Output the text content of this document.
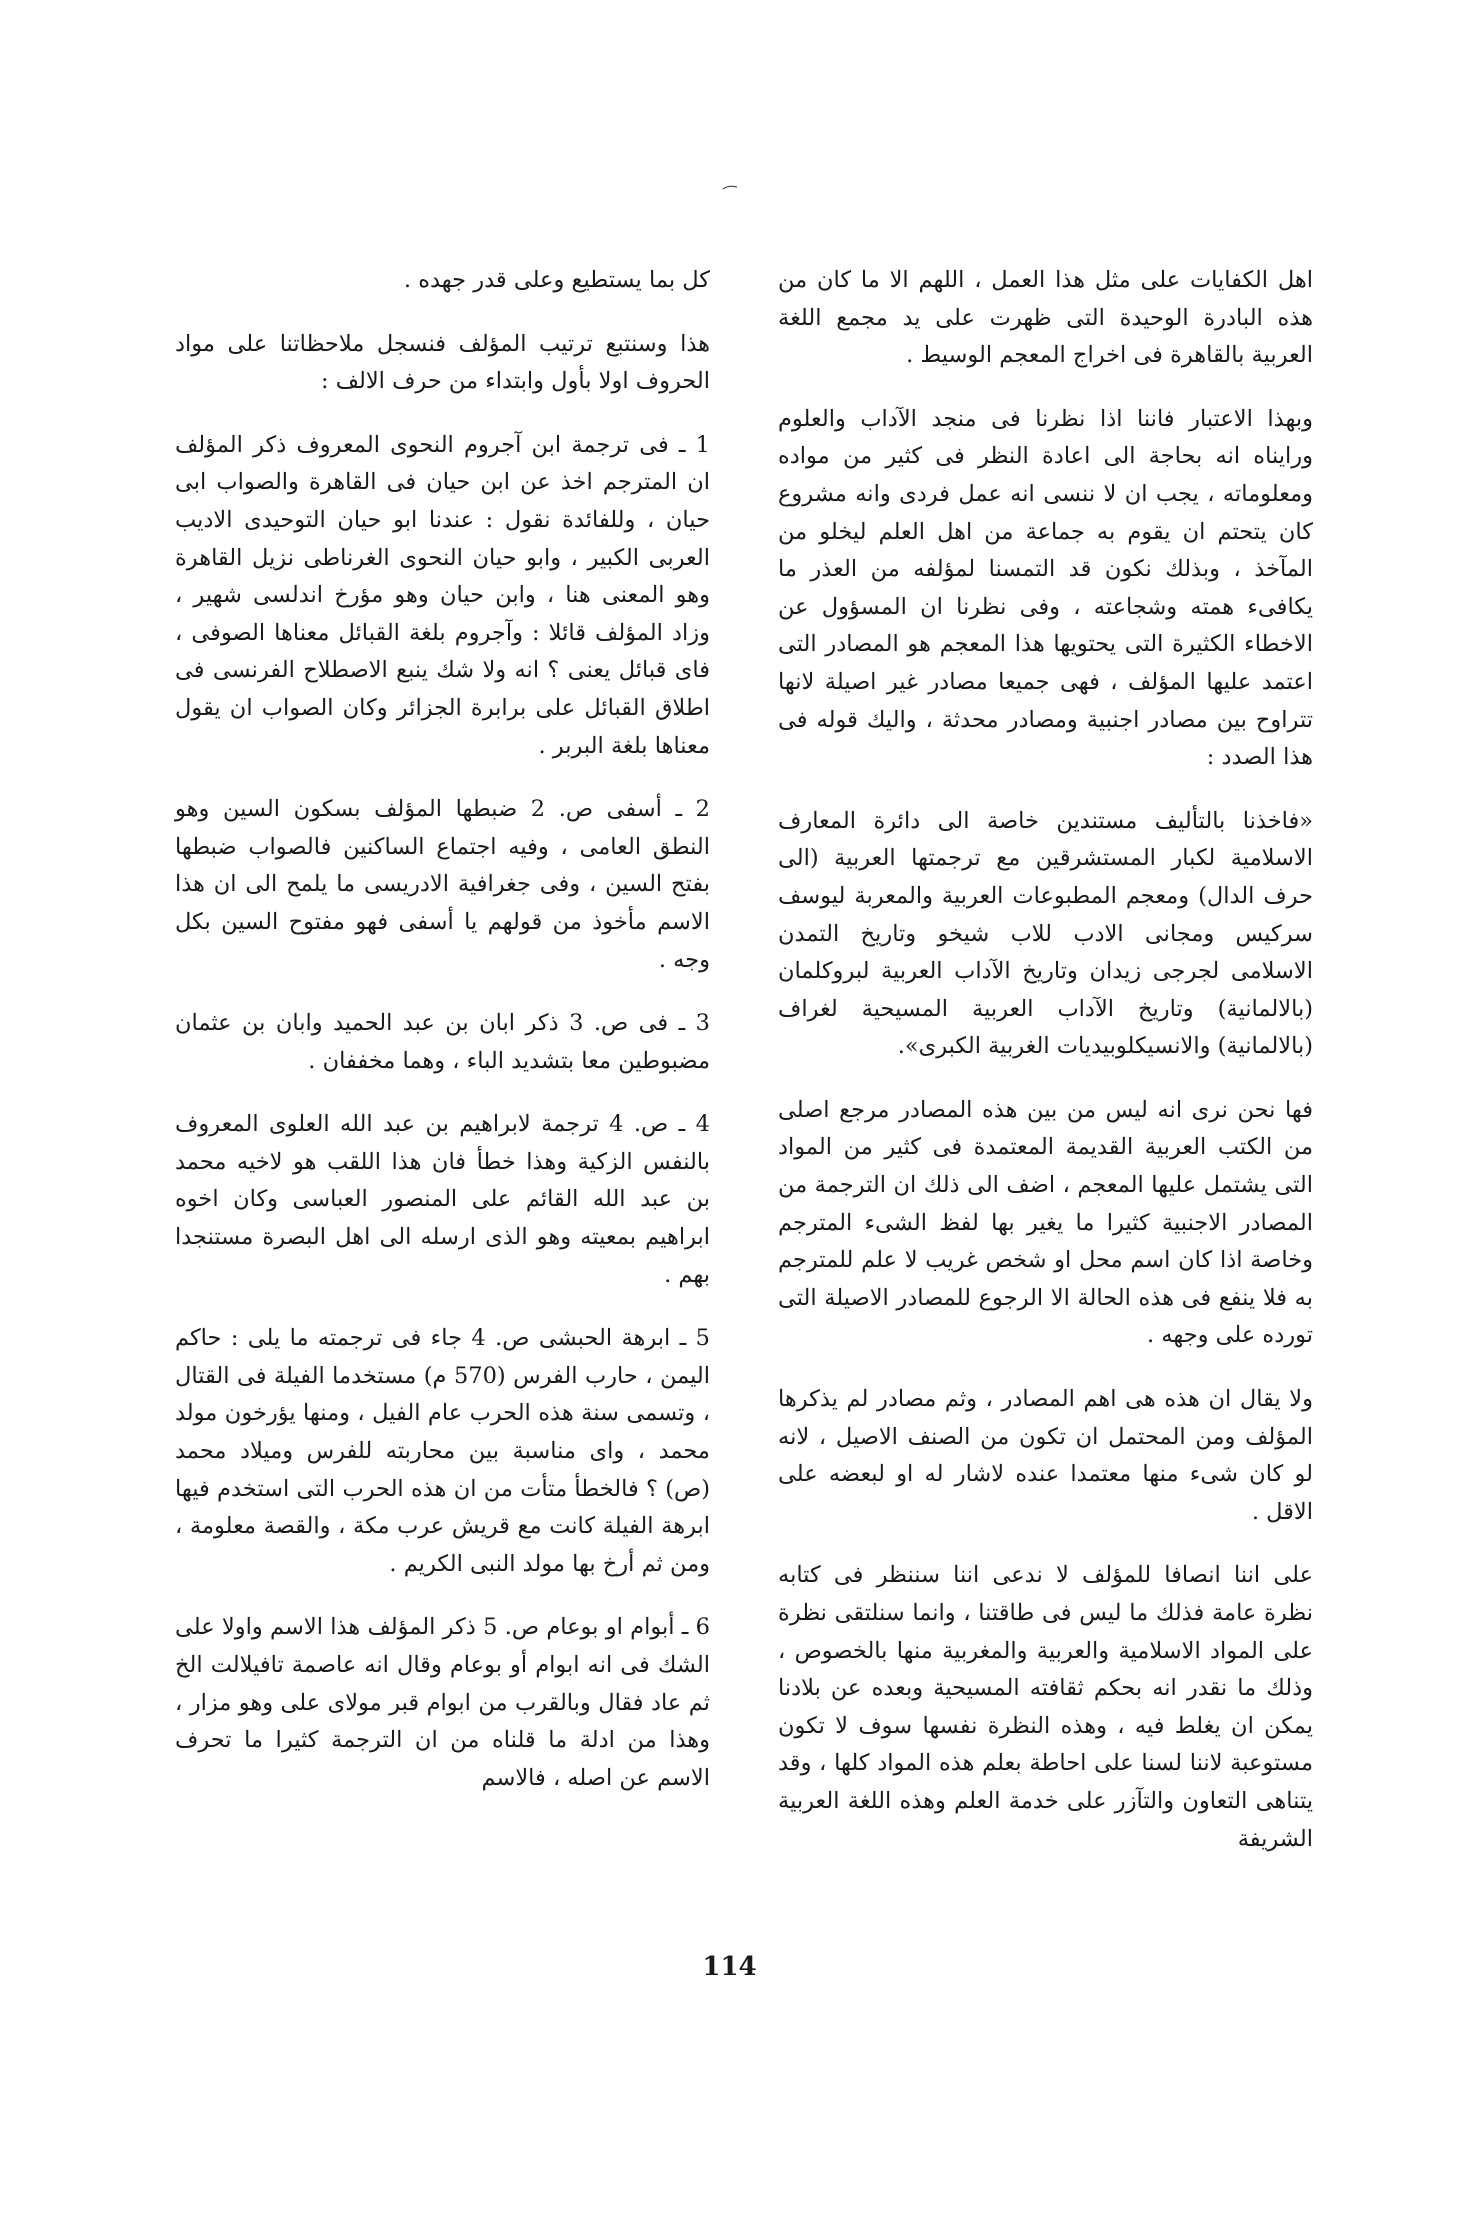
اهل الكفايات على مثل هذا العمل ، اللهم الا ما كان من هذه البادرة الوحيدة التى ظهرت على يد مجمع اللغة العربية بالقاهرة فى اخراج المعجم الوسيط .

وبهذا الاعتبار فاننا اذا نظرنا فى منجد الآداب والعلوم ورايناه انه بحاجة الى اعادة النظر فى كثير من مواده ومعلوماته ، يجب ان لا ننسى انه عمل فردى وانه مشروع كان يتحتم ان يقوم به جماعة من اهل العلم ليخلو من المآخذ ، وبذلك نكون قد التمسنا لمؤلفه من العذر ما يكافىء همته وشجاعته ، وفى نظرنا ان المسؤول عن الاخطاء الكثيرة التى يحتويها هذا المعجم هو المصادر التى اعتمد عليها المؤلف ، فهى جميعا مصادر غير اصيلة لانها تتراوح بين مصادر اجنبية ومصادر محدثة ، واليك قوله فى هذا الصدد :

«فاخذنا بالتأليف مستندين خاصة الى دائرة المعارف الاسلامية لكبار المستشرقين مع ترجمتها العربية (الى حرف الدال) ومعجم المطبوعات العربية والمعربة ليوسف سركيس ومجانى الادب للاب شيخو وتاريخ التمدن الاسلامى لجرجى زيدان وتاريخ الآداب العربية لبروكلمان (بالالمانية) وتاريخ الآداب العربية المسيحية لغراف (بالالمانية) والانسيكلوبيديات الغربية الكبرى».

فها نحن نرى انه ليس من بين هذه المصادر مرجع اصلى من الكتب العربية القديمة المعتمدة فى كثير من المواد التى يشتمل عليها المعجم ، اضف الى ذلك ان الترجمة من المصادر الاجنبية كثيرا ما يغير بها لفظ الشىء المترجم وخاصة اذا كان اسم محل او شخص غريب لا علم للمترجم به فلا ينفع فى هذه الحالة الا الرجوع للمصادر الاصيلة التى تورده على وجهه .

ولا يقال ان هذه هى اهم المصادر ، وثم مصادر لم يذكرها المؤلف ومن المحتمل ان تكون من الصنف الاصيل ، لانه لو كان شىء منها معتمدا عنده لاشار له او لبعضه على الاقل .

على اننا انصافا للمؤلف لا ندعى اننا سننظر فى كتابه نظرة عامة فذلك ما ليس فى طاقتنا ، وانما سنلتقى نظرة على المواد الاسلامية والعربية والمغربية منها بالخصوص ، وذلك ما نقدر انه بحكم ثقافته المسيحية وبعده عن بلادنا يمكن ان يغلط فيه ، وهذه النظرة نفسها سوف لا تكون مستوعبة لاننا لسنا على احاطة بعلم هذه المواد كلها ، وقد يتناهى التعاون والتآزر على خدمة العلم وهذه اللغة العربية الشريفة

كل بما يستطيع وعلى قدر جهده .

هذا وسنتبع ترتيب المؤلف فنسجل ملاحظاتنا على مواد الحروف اولا بأول وابتداء من حرف الالف :

1 ـ فى ترجمة ابن آجروم النحوى المعروف ذكر المؤلف ان المترجم اخذ عن ابن حيان فى القاهرة والصواب ابى حيان ، وللفائدة نقول : عندنا ابو حيان التوحيدى الاديب العربى الكبير ، وابو حيان النحوى الغرناطى نزيل القاهرة وهو المعنى هنا ، وابن حيان وهو مؤرخ اندلسى شهير ، وزاد المؤلف قائلا : وآجروم بلغة القبائل معناها الصوفى ، فاى قبائل يعنى ؟ انه ولا شك ينبع الاصطلاح الفرنسى فى اطلاق القبائل على برابرة الجزائر وكان الصواب ان يقول معناها بلغة البربر .

2 ـ أسفى ص. 2 ضبطها المؤلف بسكون السين وهو النطق العامى ، وفيه اجتماع الساكنين فالصواب ضبطها بفتح السين ، وفى جغرافية الادريسى ما يلمح الى ان هذا الاسم مأخوذ من قولهم يا أسفى فهو مفتوح السين بكل وجه .

3 ـ فى ص. 3 ذكر ابان بن عبد الحميد وابان بن عثمان مضبوطين معا بتشديد الباء ، وهما مخففان .

4 ـ ص. 4 ترجمة لابراهيم بن عبد الله العلوى المعروف بالنفس الزكية وهذا خطأ فان هذا اللقب هو لاخيه محمد بن عبد الله القائم على المنصور العباسى وكان اخوه ابراهيم بمعيته وهو الذى ارسله الى اهل البصرة مستنجدا بهم .

5 ـ ابرهة الحبشى ص. 4 جاء فى ترجمته ما يلى : حاكم اليمن ، حارب الفرس (570 م) مستخدما الفيلة فى القتال ، وتسمى سنة هذه الحرب عام الفيل ، ومنها يؤرخون مولد محمد ، واى مناسبة بين محاربته للفرس وميلاد محمد (ص) ؟ فالخطأ متأت من ان هذه الحرب التى استخدم فيها ابرهة الفيلة كانت مع قريش عرب مكة ، والقصة معلومة ، ومن ثم أرخ بها مولد النبى الكريم .

6 ـ أبوام او بوعام ص. 5 ذكر المؤلف هذا الاسم واولا على الشك فى انه ابوام أو بوعام وقال انه عاصمة تافيلالت الخ ثم عاد فقال وبالقرب من ابوام قبر مولاى على وهو مزار ، وهذا من ادلة ما قلناه من ان الترجمة كثيرا ما تحرف الاسم عن اصله ، فالاسم

114
